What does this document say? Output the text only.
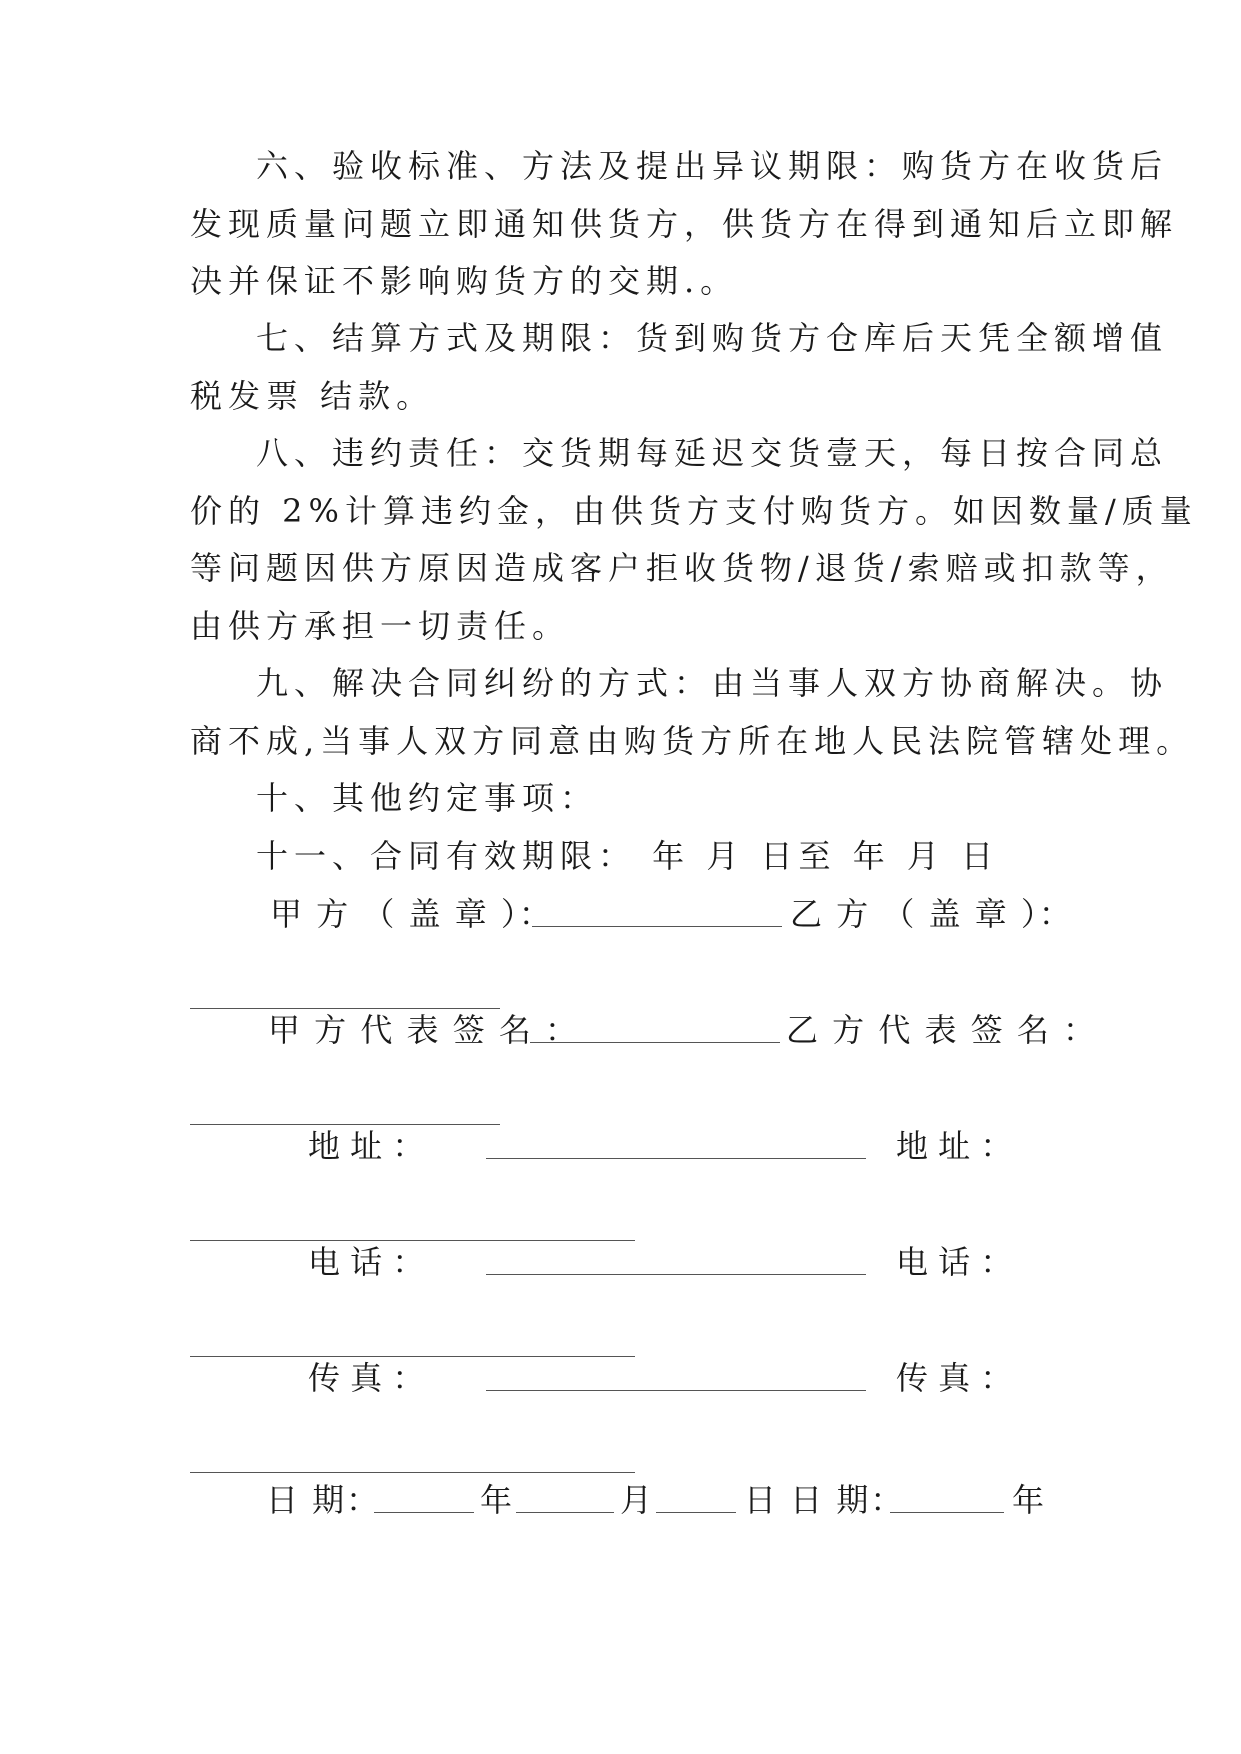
六、验收标准、方法及提出异议期限：购货方在收货后
发现质量问题立即通知供货方，供货方在得到通知后立即解
决并保证不影响购货方的交期.。
七、结算方式及期限：货到购货方仓库后天凭全额增值
税发票 结款。
八、违约责任：交货期每延迟交货壹天，每日按合同总
价的 2%计算违约金，由供货方支付购货方。如因数量/质量
等问题因供方原因造成客户拒收货物/退货/索赔或扣款等，
由供方承担一切责任。
九、解决合同纠纷的方式：由当事人双方协商解决。协
商不成,当事人双方同意由购货方所在地人民法院管辖处理。
十、其他约定事项：
十一、合同有效期限： 年 月 日至 年 月 日
甲 方 （ 盖 章 ）：	乙 方 （ 盖 章 ）：
甲 方 代 表 签 名 ：	乙 方 代 表 签 名 ：
地 址 ：	地 址 ：
电 话 ：	电 话 ：
传 真 ：	传 真 ：
日 期：	年	月	日 日 期：	年
